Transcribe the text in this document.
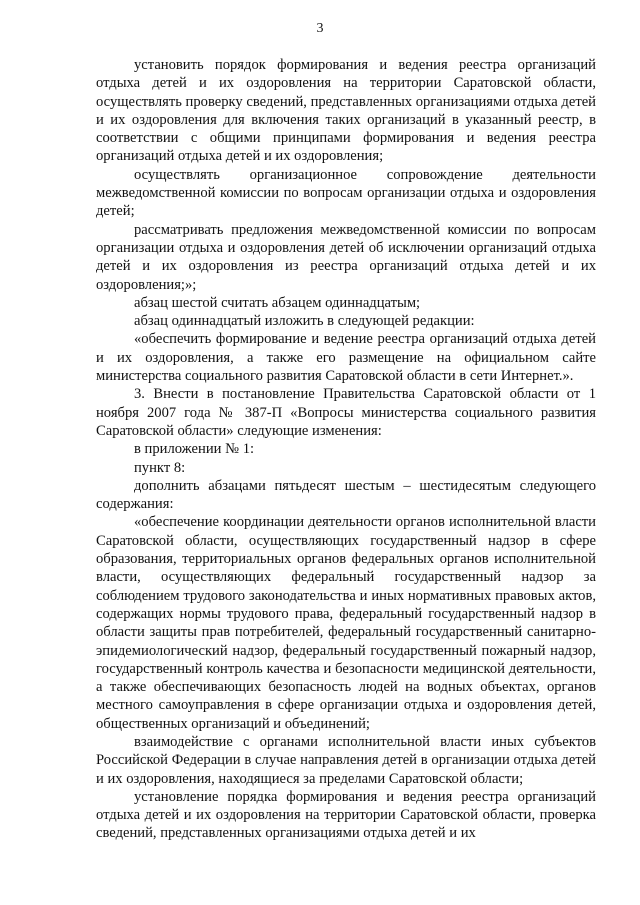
3

установить порядок формирования и ведения реестра организаций отдыха детей и их оздоровления на территории Саратовской области, осуществлять проверку сведений, представленных организациями отдыха детей и их оздоровления для включения таких организаций в указанный реестр, в соответствии с общими принципами формирования и ведения реестра организаций отдыха детей и их оздоровления;

осуществлять организационное сопровождение деятельности межведомственной комиссии по вопросам организации отдыха и оздоровления детей;

рассматривать предложения межведомственной комиссии по вопросам организации отдыха и оздоровления детей об исключении организаций отдыха детей и их оздоровления из реестра организаций отдыха детей и их оздоровления;»;

абзац шестой считать абзацем одиннадцатым;

абзац одиннадцатый изложить в следующей редакции:

«обеспечить формирование и ведение реестра организаций отдыха детей и их оздоровления, а также его размещение на официальном сайте министерства социального развития Саратовской области в сети Интернет.».

3. Внести в постановление Правительства Саратовской области от 1 ноября 2007 года № 387-П «Вопросы министерства социального развития Саратовской области» следующие изменения:

в приложении № 1:

пункт 8:

дополнить абзацами пятьдесят шестым – шестидесятым следующего содержания:

«обеспечение координации деятельности органов исполнительной власти Саратовской области, осуществляющих государственный надзор в сфере образования, территориальных органов федеральных органов исполнительной власти, осуществляющих федеральный государственный надзор за соблюдением трудового законодательства и иных нормативных правовых актов, содержащих нормы трудового права, федеральный государственный надзор в области защиты прав потребителей, федеральный государственный санитарно-эпидемиологический надзор, федеральный государственный пожарный надзор, государственный контроль качества и безопасности медицинской деятельности, а также обеспечивающих безопасность людей на водных объектах, органов местного самоуправления в сфере организации отдыха и оздоровления детей, общественных организаций и объединений;

взаимодействие с органами исполнительной власти иных субъектов Российской Федерации в случае направления детей в организации отдыха детей и их оздоровления, находящиеся за пределами Саратовской области;

установление порядка формирования и ведения реестра организаций отдыха детей и их оздоровления на территории Саратовской области, проверка сведений, представленных организациями отдыха детей и их
